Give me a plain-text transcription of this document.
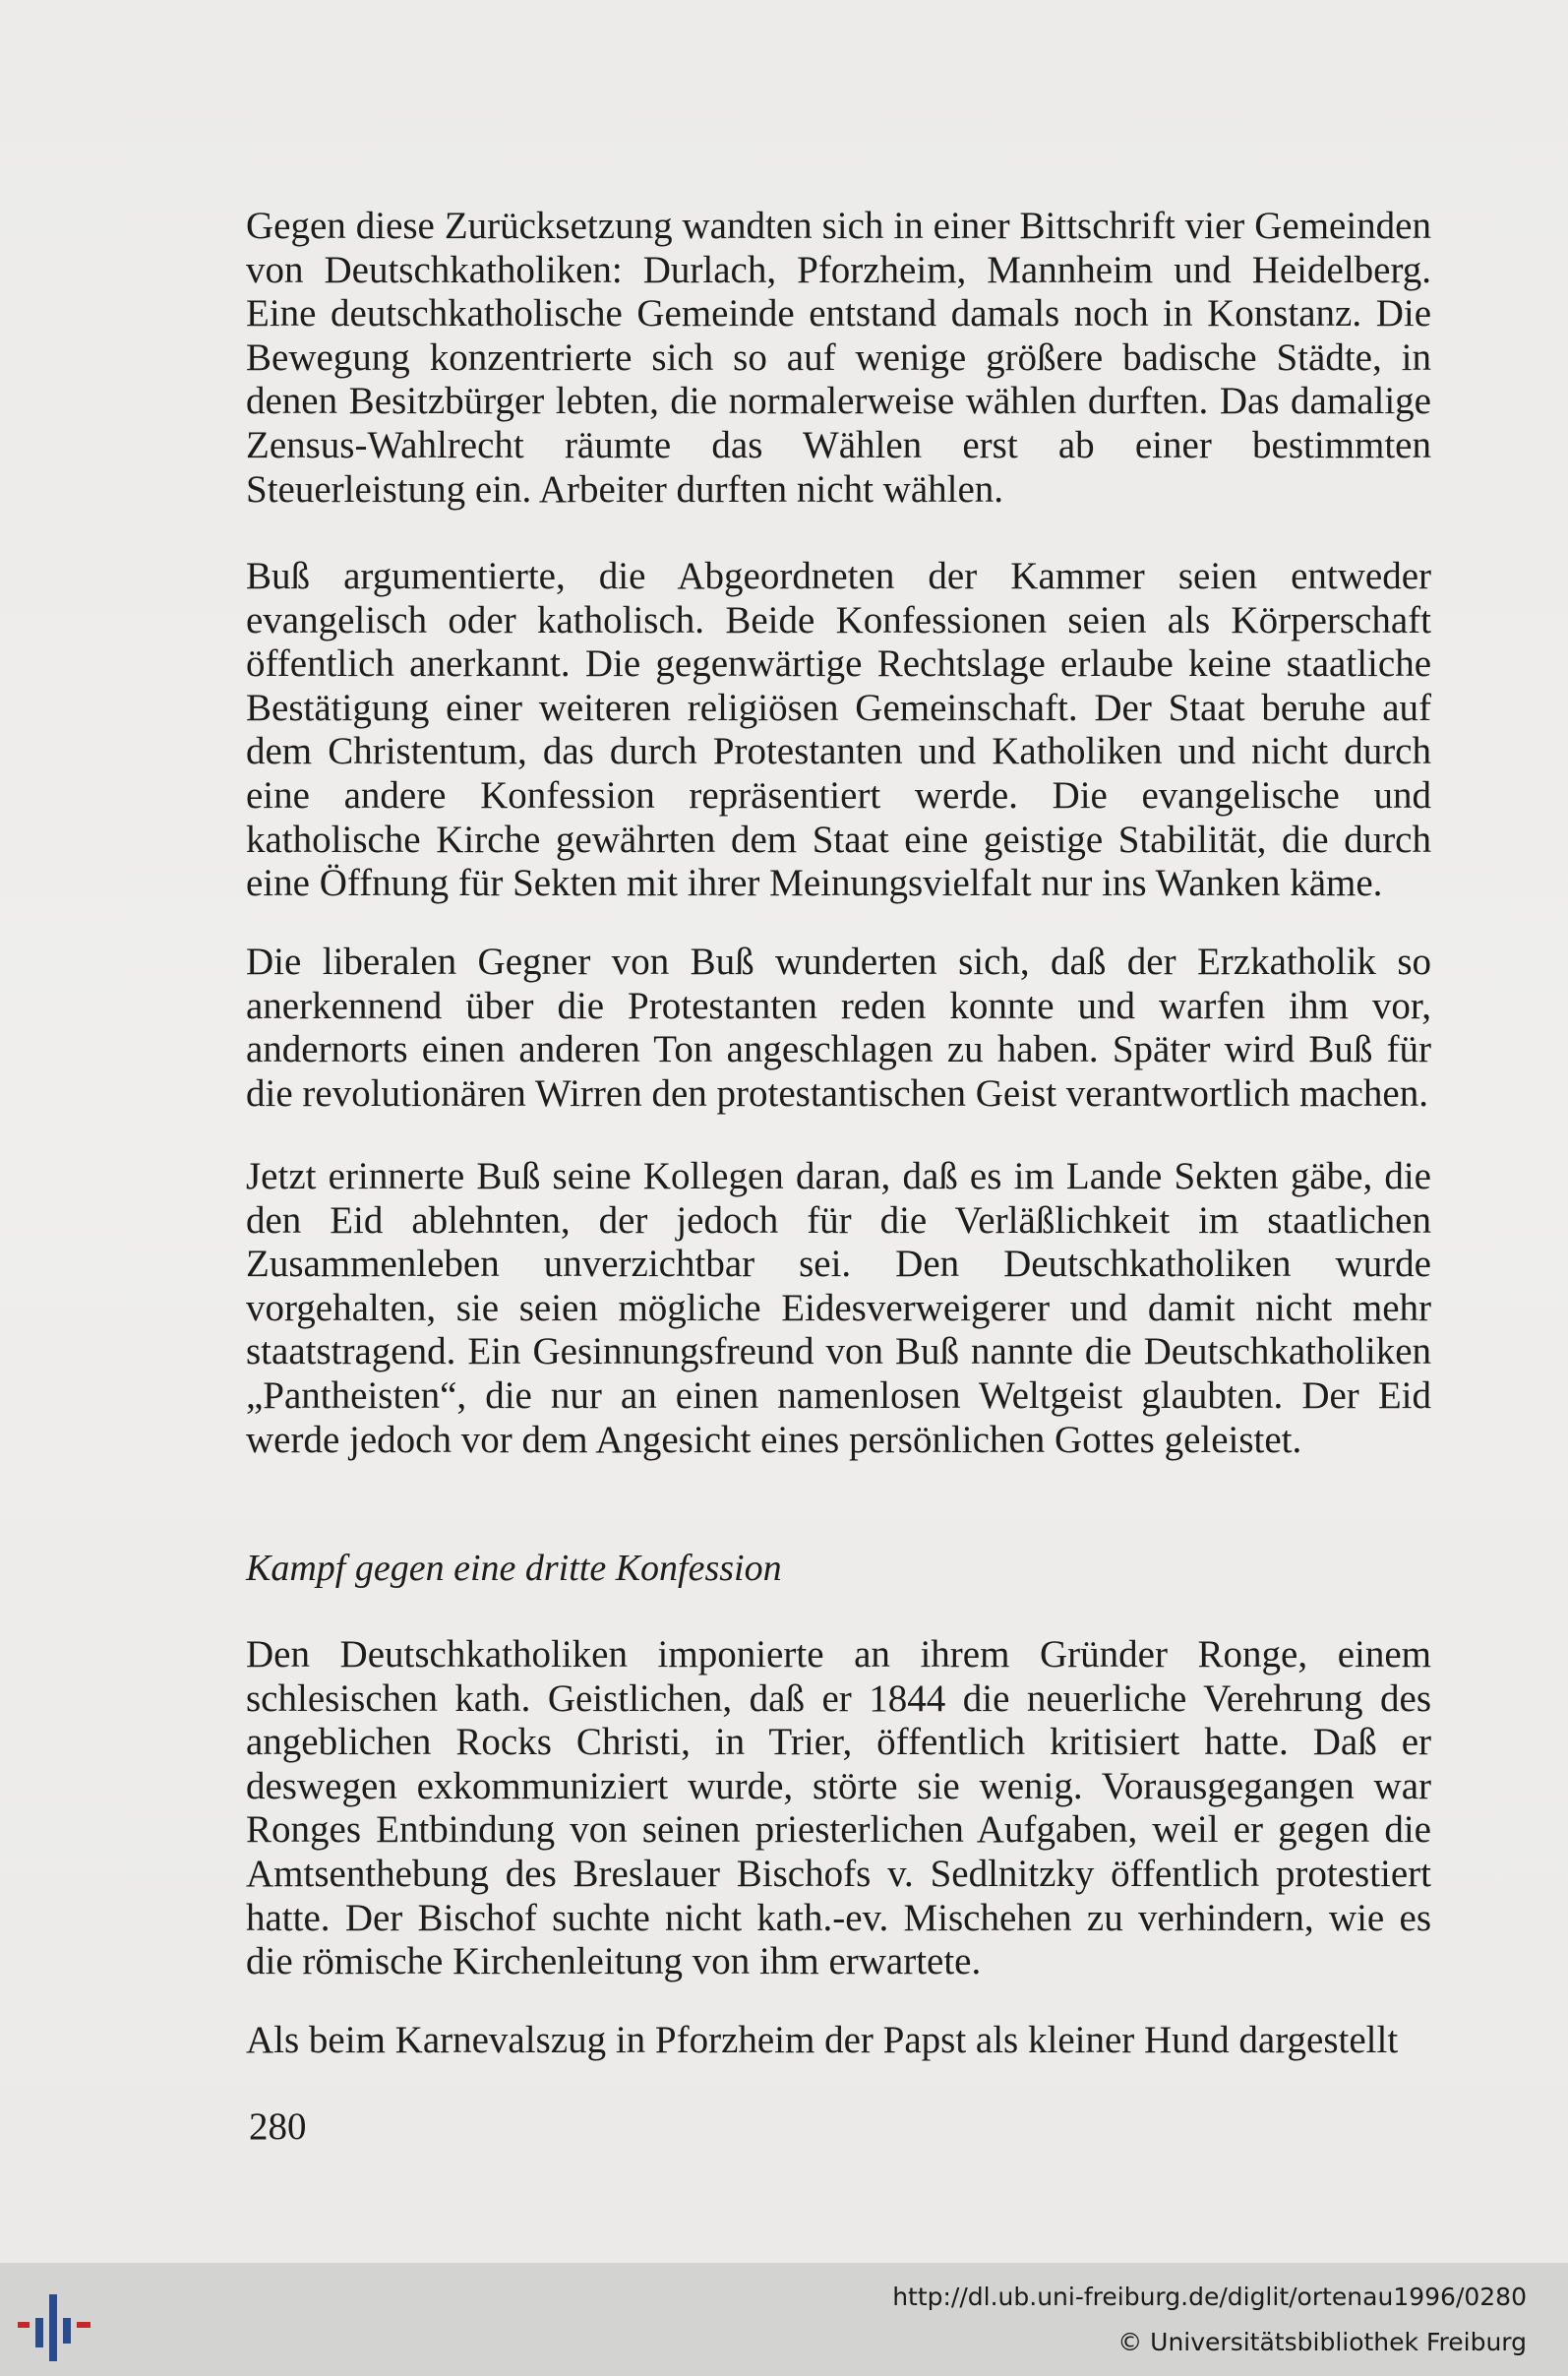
Gegen diese Zurücksetzung wandten sich in einer Bittschrift vier Gemeinden von Deutschkatholiken: Durlach, Pforzheim, Mannheim und Heidelberg. Eine deutschkatholische Gemeinde entstand damals noch in Konstanz. Die Bewegung konzentrierte sich so auf wenige größere badische Städte, in denen Besitzbürger lebten, die normalerweise wählen durften. Das damalige Zensus-Wahlrecht räumte das Wählen erst ab einer bestimmten Steuerleistung ein. Arbeiter durften nicht wählen.

Buß argumentierte, die Abgeordneten der Kammer seien entweder evangelisch oder katholisch. Beide Konfessionen seien als Körperschaft öffentlich anerkannt. Die gegenwärtige Rechtslage erlaube keine staatliche Bestätigung einer weiteren religiösen Gemeinschaft. Der Staat beruhe auf dem Christentum, das durch Protestanten und Katholiken und nicht durch eine andere Konfession repräsentiert werde. Die evangelische und katholische Kirche gewährten dem Staat eine geistige Stabilität, die durch eine Öffnung für Sekten mit ihrer Meinungsvielfalt nur ins Wanken käme.

Die liberalen Gegner von Buß wunderten sich, daß der Erzkatholik so anerkennend über die Protestanten reden konnte und warfen ihm vor, andernorts einen anderen Ton angeschlagen zu haben. Später wird Buß für die revolutionären Wirren den protestantischen Geist verantwortlich machen.

Jetzt erinnerte Buß seine Kollegen daran, daß es im Lande Sekten gäbe, die den Eid ablehnten, der jedoch für die Verläßlichkeit im staatlichen Zusammenleben unverzichtbar sei. Den Deutschkatholiken wurde vorgehalten, sie seien mögliche Eidesverweigerer und damit nicht mehr staatstragend. Ein Gesinnungsfreund von Buß nannte die Deutschkatholiken „Pantheisten“, die nur an einen namenlosen Weltgeist glaubten. Der Eid werde jedoch vor dem Angesicht eines persönlichen Gottes geleistet.

Kampf gegen eine dritte Konfession

Den Deutschkatholiken imponierte an ihrem Gründer Ronge, einem schlesischen kath. Geistlichen, daß er 1844 die neuerliche Verehrung des angeblichen Rocks Christi, in Trier, öffentlich kritisiert hatte. Daß er deswegen exkommuniziert wurde, störte sie wenig. Vorausgegangen war Ronges Entbindung von seinen priesterlichen Aufgaben, weil er gegen die Amtsenthebung des Breslauer Bischofs v. Sedlnitzky öffentlich protestiert hatte. Der Bischof suchte nicht kath.-ev. Mischehen zu verhindern, wie es die römische Kirchenleitung von ihm erwartete.

Als beim Karnevalszug in Pforzheim der Papst als kleiner Hund dargestellt

280
http://dl.ub.uni-freiburg.de/diglit/ortenau1996/0280
© Universitätsbibliothek Freiburg
